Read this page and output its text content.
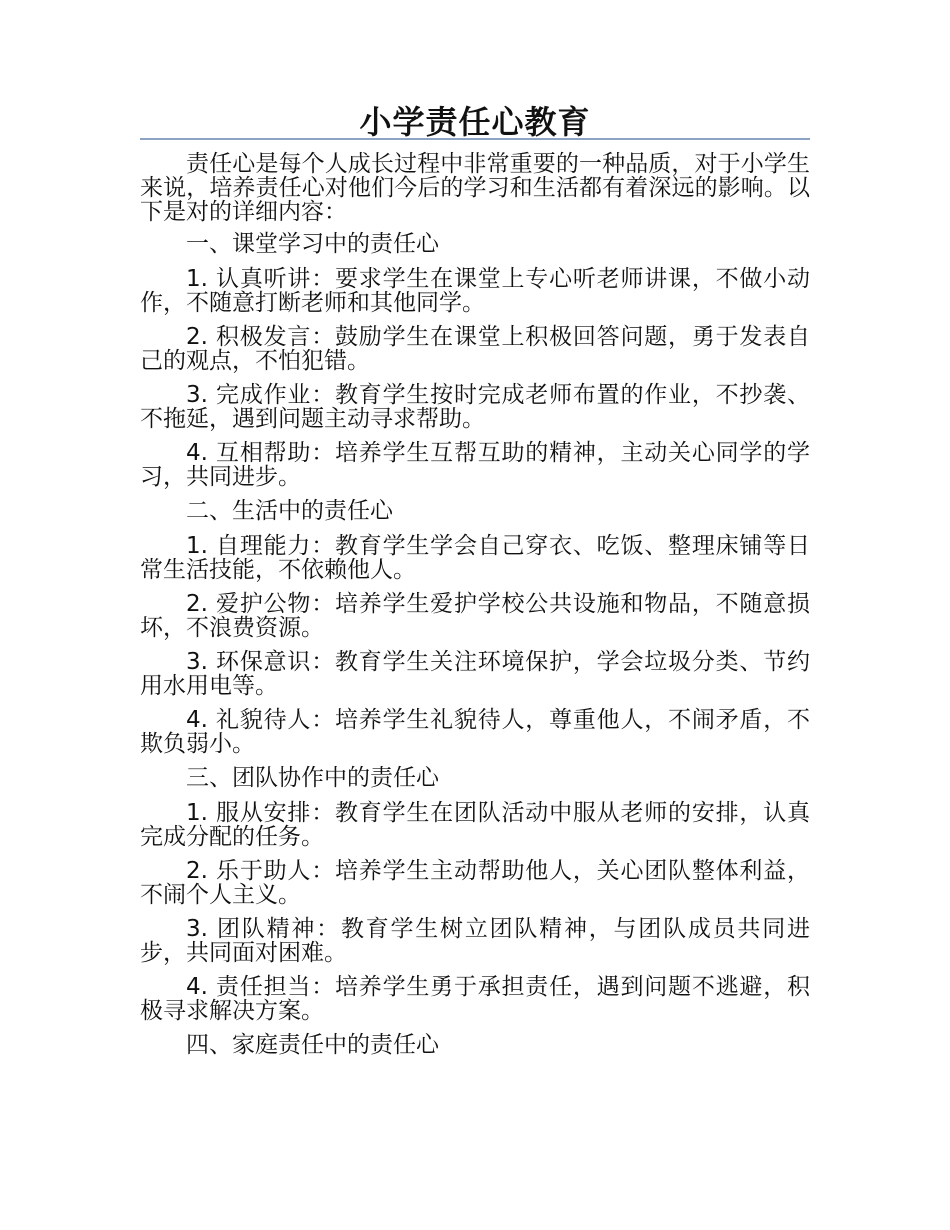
小学责任心教育

责任心是每个人成长过程中非常重要的一种品质，对于小学生来说，培养责任心对他们今后的学习和生活都有着深远的影响。以下是对的详细内容：

一、课堂学习中的责任心

1. 认真听讲：要求学生在课堂上专心听老师讲课，不做小动作，不随意打断老师和其他同学。

2. 积极发言：鼓励学生在课堂上积极回答问题，勇于发表自己的观点，不怕犯错。

3. 完成作业：教育学生按时完成老师布置的作业，不抄袭、不拖延，遇到问题主动寻求帮助。

4. 互相帮助：培养学生互帮互助的精神，主动关心同学的学习，共同进步。

二、生活中的责任心

1. 自理能力：教育学生学会自己穿衣、吃饭、整理床铺等日常生活技能，不依赖他人。

2. 爱护公物：培养学生爱护学校公共设施和物品，不随意损坏，不浪费资源。

3. 环保意识：教育学生关注环境保护，学会垃圾分类、节约用水用电等。

4. 礼貌待人：培养学生礼貌待人，尊重他人，不闹矛盾，不欺负弱小。

三、团队协作中的责任心

1. 服从安排：教育学生在团队活动中服从老师的安排，认真完成分配的任务。

2. 乐于助人：培养学生主动帮助他人，关心团队整体利益，不闹个人主义。

3. 团队精神：教育学生树立团队精神，与团队成员共同进步，共同面对困难。

4. 责任担当：培养学生勇于承担责任，遇到问题不逃避，积极寻求解决方案。

四、家庭责任中的责任心
